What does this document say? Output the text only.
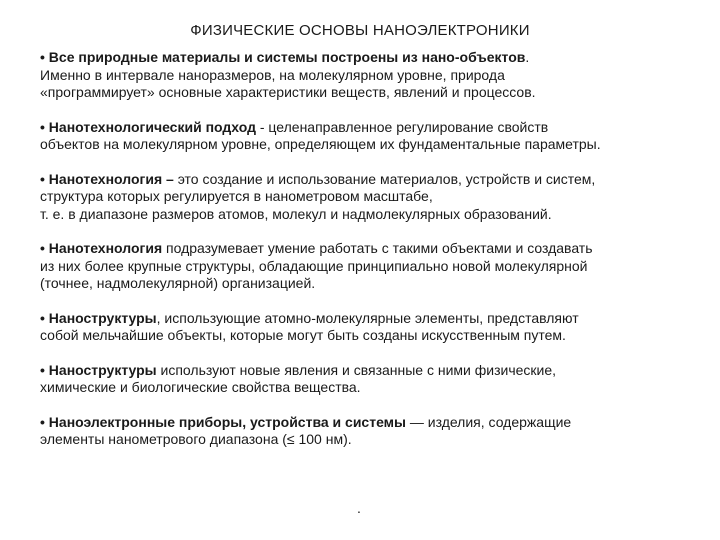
ФИЗИЧЕСКИЕ ОСНОВЫ НАНОЭЛЕКТРОНИКИ
• Все природные материалы и системы построены из нано-объектов.
Именно в интервале наноразмеров, на молекулярном уровне, природа
«программирует» основные характеристики веществ, явлений и процессов.
• Нанотехнологический подход - целенаправленное регулирование свойств
объектов на молекулярном уровне, определяющем их фундаментальные параметры.
• Нанотехнология – это создание и использование материалов, устройств и систем,
структура которых регулируется в нанометровом масштабе,
т. е. в диапазоне размеров атомов, молекул и надмолекулярных образований.
• Нанотехнология подразумевает умение работать с такими объектами и создавать
из них более крупные структуры, обладающие принципиально новой молекулярной
(точнее, надмолекулярной) организацией.
• Наноструктуры, использующие атомно-молекулярные элементы, представляют
собой мельчайшие объекты, которые могут быть созданы искусственным путем.
• Наноструктуры используют новые явления и связанные с ними физические,
химические и биологические свойства вещества.
• Наноэлектронные приборы, устройства и системы — изделия, содержащие
элементы нанометрового диапазона (≤ 100 нм).
.
